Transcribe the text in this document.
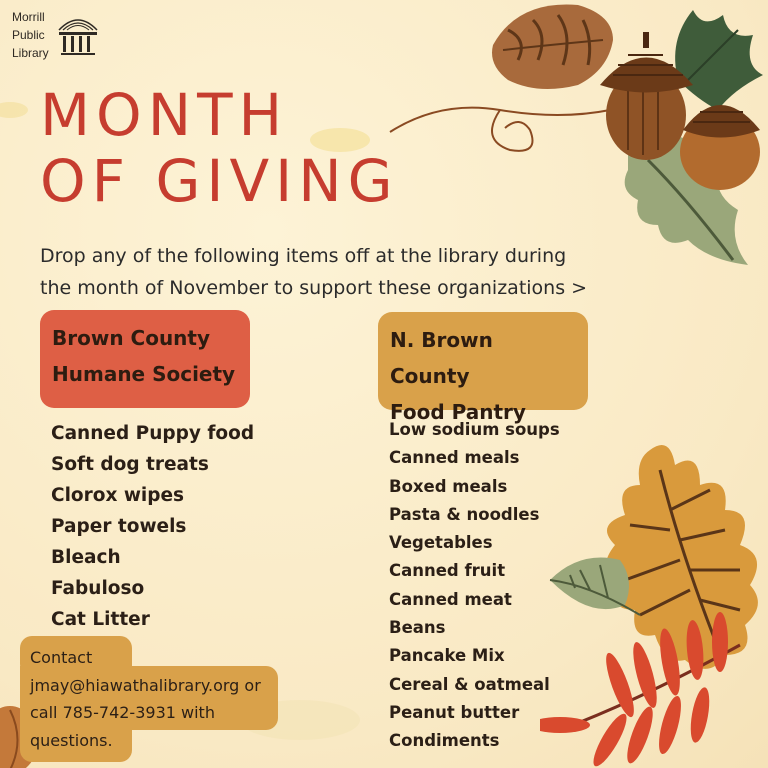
Morrill
Public
Library
MONTH
OF GIVING
Drop any of the following items off at the library during
the month of November to support these organizations >
Brown County
Humane Society
N. Brown County
Food Pantry
Canned Puppy food
Soft dog treats
Clorox wipes
Paper towels
Bleach
Fabuloso
Cat Litter
Low sodium soups
Canned meals
Boxed meals
Pasta & noodles
Vegetables
Canned fruit
Canned meat
Beans
Pancake Mix
Cereal & oatmeal
Peanut butter
Condiments
Contact
jmay@hiawathalibrary.org or
call 785-742-3931 with
questions.
